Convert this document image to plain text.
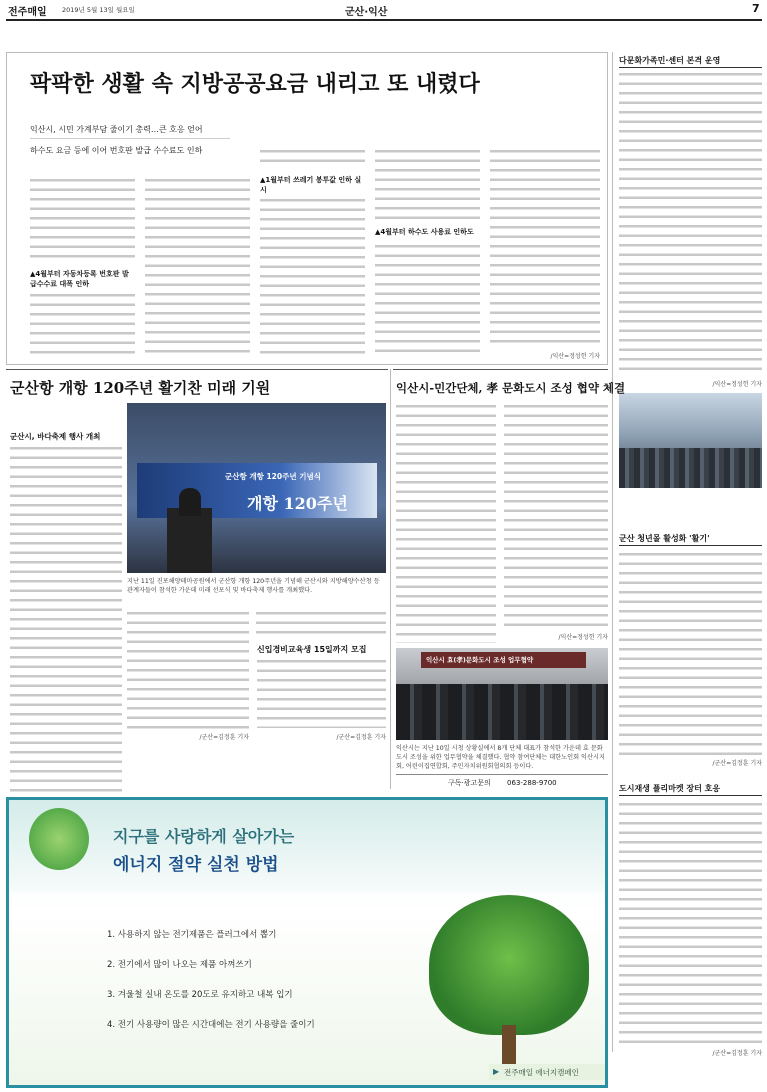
전주매일 2019년 5월 13일 월요일	군산·익산	7
팍팍한 생활 속 지방공공요금 내리고 또 내렸다
익산시, 시민 가계부담 줄이기 총력…큰 호응 얻어
하수도 요금 등에 이어 번호판 발급 수수료도 인하
▲4월부터 자동차등록 번호판 발급수수료 대폭 인하
▲1월부터 쓰레기 봉투값 인하 실시
▲4월부터 하수도 사용료 인하도
/익산=정성헌 기자
다문화가족민·센터 본격 운영
/익산=정성헌 기자
군산 청년몰 활성화 '활기'
/군산=김정훈 기자
도시재생 플리마켓 장터 호응
/군산=김정훈 기자
군산항 개항 120주년 활기찬 미래 기원
군산시, 바다축제 행사 개최
군산항 개항 120주년 기념식
개항 120주년
지난 11일 진포해양테마공원에서 군산항 개항 120주년을 기념해 군산시와 지방해양수산청 등 관계자들이 참석한 가운데 미래 선포식 및 바다축제 행사를 개최했다.
신입경비교육생 15일까지 모집
/군산=김정훈 기자
/군산=김정훈 기자
익산시-민간단체, 孝 문화도시 조성 협약 체결
/익산=정성헌 기자
익산시 효(孝)문화도시 조성 업무협약
익산시는 지난 10일 시청 상황실에서 8개 단체 대표가 참석한 가운데 효 문화도시 조성을 위한 업무협약을 체결했다. 협약 참여단체는 대한노인회 익산시지회, 어린이집연합회, 주민자치위원회협의회 등이다.
구독·광고문의 063-288-9700
지구를 사랑하게 살아가는
에너지 절약 실천 방법
1. 사용하지 않는 전기제품은 플러그에서 뽑기
2. 전기에서 많이 나오는 제품 아껴쓰기
3. 겨울철 실내 온도를 20도로 유지하고 내복 입기
4. 전기 사용량이 많은 시간대에는 전기 사용량을 줄이기
▶ 전주매일 에너지캠페인
